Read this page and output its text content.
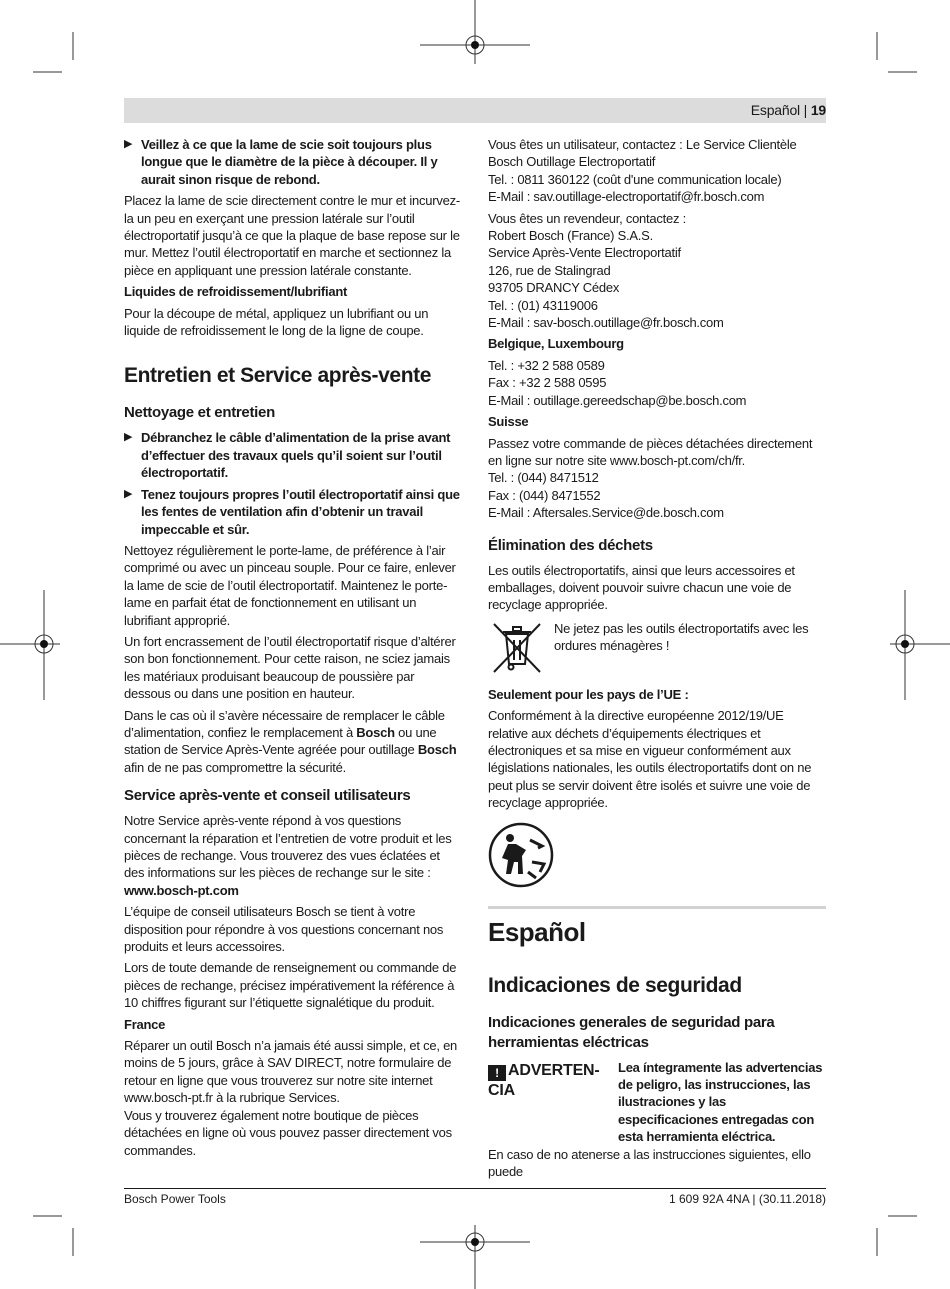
Español | 19
▶ Veillez à ce que la lame de scie soit toujours plus longue que le diamètre de la pièce à découper. Il y aurait sinon risque de rebond.

Placez la lame de scie directement contre le mur et incurvez-la un peu en exerçant une pression latérale sur l’outil électroportatif jusqu’à ce que la plaque de base repose sur le mur. Mettez l’outil électroportatif en marche et sectionnez la pièce en appliquant une pression latérale constante.

Liquides de refroidissement/lubrifiant

Pour la découpe de métal, appliquez un lubrifiant ou un liquide de refroidissement le long de la ligne de coupe.

Entretien et Service après-vente
Nettoyage et entretien
▶ Débranchez le câble d’alimentation de la prise avant d’effectuer des travaux quels qu’il soient sur l’outil électroportatif.
▶ Tenez toujours propres l’outil électroportatif ainsi que les fentes de ventilation afin d’obtenir un travail impeccable et sûr.

Nettoyez régulièrement le porte-lame, de préférence à l’air comprimé ou avec un pinceau souple. Pour ce faire, enlever la lame de scie de l’outil électroportatif. Maintenez le porte-lame en parfait état de fonctionnement en utilisant un lubrifiant approprié.

Un fort encrassement de l’outil électroportatif risque d’altérer son bon fonctionnement. Pour cette raison, ne sciez jamais les matériaux produisant beaucoup de poussière par dessous ou dans une position en hauteur.

Dans le cas où il s’avère nécessaire de remplacer le câble d’alimentation, confiez le remplacement à Bosch ou une station de Service Après-Vente agréée pour outillage Bosch afin de ne pas compromettre la sécurité.

Service après-vente et conseil utilisateurs

Notre Service après-vente répond à vos questions concernant la réparation et l’entretien de votre produit et les pièces de rechange. Vous trouverez des vues éclatées et des informations sur les pièces de rechange sur le site : www.bosch-pt.com

L’équipe de conseil utilisateurs Bosch se tient à votre disposition pour répondre à vos questions concernant nos produits et leurs accessoires.

Lors de toute demande de renseignement ou commande de pièces de rechange, précisez impérativement la référence à 10 chiffres figurant sur l’étiquette signalétique du produit.

France

Réparer un outil Bosch n’a jamais été aussi simple, et ce, en moins de 5 jours, grâce à SAV DIRECT, notre formulaire de retour en ligne que vous trouverez sur notre site internet www.bosch-pt.fr à la rubrique Services.

Vous y trouverez également notre boutique de pièces détachées en ligne où vous pouvez passer directement vos commandes.

Vous êtes un utilisateur, contactez : Le Service Clientèle
Bosch Outillage Electroportatif
Tel. : 0811 360122 (coût d'une communication locale)
E-Mail : sav.outillage-electroportatif@fr.bosch.com

Vous êtes un revendeur, contactez :
Robert Bosch (France) S.A.S.
Service Après-Vente Electroportatif
126, rue de Stalingrad
93705 DRANCY Cédex
Tel. : (01) 43119006
E-Mail : sav-bosch.outillage@fr.bosch.com

Belgique, Luxembourg

Tel. : +32 2 588 0589
Fax : +32 2 588 0595
E-Mail : outillage.gereedschap@be.bosch.com

Suisse

Passez votre commande de pièces détachées directement
en ligne sur notre site www.bosch-pt.com/ch/fr.
Tel. : (044) 8471512
Fax : (044) 8471552
E-Mail : Aftersales.Service@de.bosch.com

Élimination des déchets

Les outils électroportatifs, ainsi que leurs accessoires et emballages, doivent pouvoir suivre chacun une voie de recyclage appropriée.

Ne jetez pas les outils électroportatifs avec les ordures ménagères !

Seulement pour les pays de l’UE :

Conformément à la directive européenne 2012/19/UE relative aux déchets d’équipements électriques et électroniques et sa mise en vigueur conformément aux législations nationales, les outils électroportatifs dont on ne peut plus se servir doivent être isolés et suivre une voie de recyclage appropriée.

Español
Indicaciones de seguridad
Indicaciones generales de seguridad para herramientas eléctricas
! ADVERTEN-
CIA
Lea íntegramente las advertencias de peligro, las instrucciones, las ilustraciones y las especificaciones entregadas con esta herramienta eléctrica.

En caso de no atenerse a las instrucciones siguientes, ello puede

Bosch Power Tools	1 609 92A 4NA | (30.11.2018)
